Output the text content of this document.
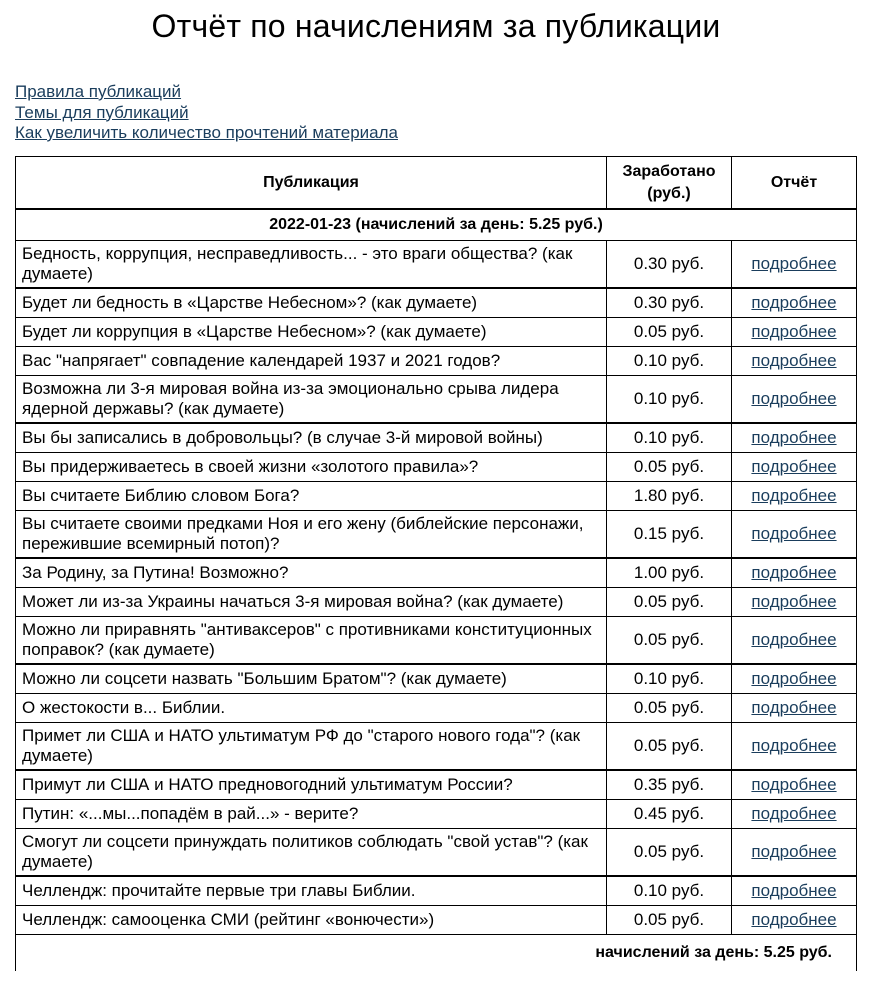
Отчёт по начислениям за публикации
Правила публикаций
Темы для публикаций
Как увеличить количество прочтений материала
Публикация	Заработано (руб.)	Отчёт
2022-01-23 (начислений за день: 5.25 руб.)		
Бедность, коррупция, несправедливость... - это враги общества? (как думаете)	0.30 руб.	подробнее
Будет ли бедность в «Царстве Небесном»? (как думаете)	0.30 руб.	подробнее
Будет ли коррупция в «Царстве Небесном»? (как думаете)	0.05 руб.	подробнее
Вас "напрягает" совпадение календарей 1937 и 2021 годов?	0.10 руб.	подробнее
Возможна ли 3-я мировая война из-за эмоционально срыва лидера ядерной державы? (как думаете)	0.10 руб.	подробнее
Вы бы записались в добровольцы? (в случае 3-й мировой войны)	0.10 руб.	подробнее
Вы придерживаетесь в своей жизни «золотого правила»?	0.05 руб.	подробнее
Вы считаете Библию словом Бога?	1.80 руб.	подробнее
Вы считаете своими предками Ноя и его жену (библейские персонажи, пережившие всемирный потоп)?	0.15 руб.	подробнее
За Родину, за Путина! Возможно?	1.00 руб.	подробнее
Может ли из-за Украины начаться 3-я мировая война? (как думаете)	0.05 руб.	подробнее
Можно ли приравнять "антиваксеров" с противниками конституционных поправок? (как думаете)	0.05 руб.	подробнее
Можно ли соцсети назвать "Большим Братом"? (как думаете)	0.10 руб.	подробнее
О жестокости в... Библии.	0.05 руб.	подробнее
Примет ли США и НАТО ультиматум РФ до "старого нового года"? (как думаете)	0.05 руб.	подробнее
Примут ли США и НАТО предновогодний ультиматум России?	0.35 руб.	подробнее
Путин: «...мы...попадём в рай...» - верите?	0.45 руб.	подробнее
Смогут ли соцсети принуждать политиков соблюдать "свой устав"? (как думаете)	0.05 руб.	подробнее
Челлендж: прочитайте первые три главы Библии.	0.10 руб.	подробнее
Челлендж: самооценка СМИ (рейтинг «вонючести»)	0.05 руб.	подробнее
начислений за день: 5.25 руб.		
